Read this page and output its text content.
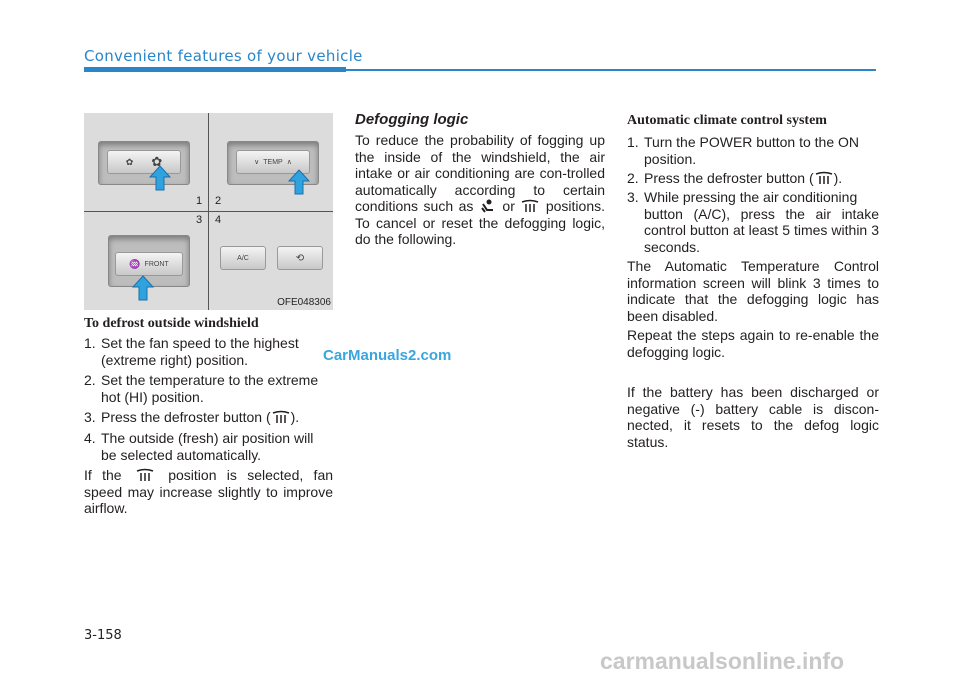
Convenient features of your vehicle
1 2
3 4
✿ ✿	∨ TEMP ∧
♒ FRONT
A/C	⟲
OFE048306
CarManuals2.com
To defrost outside windshield
1. Set the fan speed to the highest
(extreme right) position.
2. Set the temperature to the extreme
hot (HI) position.
3. Press the defroster button ( ).
4. The outside (fresh) air position will
be selected automatically.

If the	position is selected, fan speed may increase slightly to improve airflow.

Defogging logic

To reduce the probability of fogging up the inside of the windshield, the air intake or air conditioning are con-trolled automatically according to certain conditions such as or positions. To cancel or reset the defogging logic, do the following.

Automatic climate control system
1. Turn the POWER button to the ON
position.
2. Press the defroster button ( ).
3. While pressing the air conditioning
button (A/C), press the air intake control button at least 5 times within 3 seconds.

The Automatic Temperature Control information screen will blink 3 times to indicate that the defogging logic has been disabled.

Repeat the steps again to re-enable the defogging logic.

If the battery has been discharged or negative (-) battery cable is discon-nected, it resets to the defog logic status.

3-158
carmanualsonline.info
